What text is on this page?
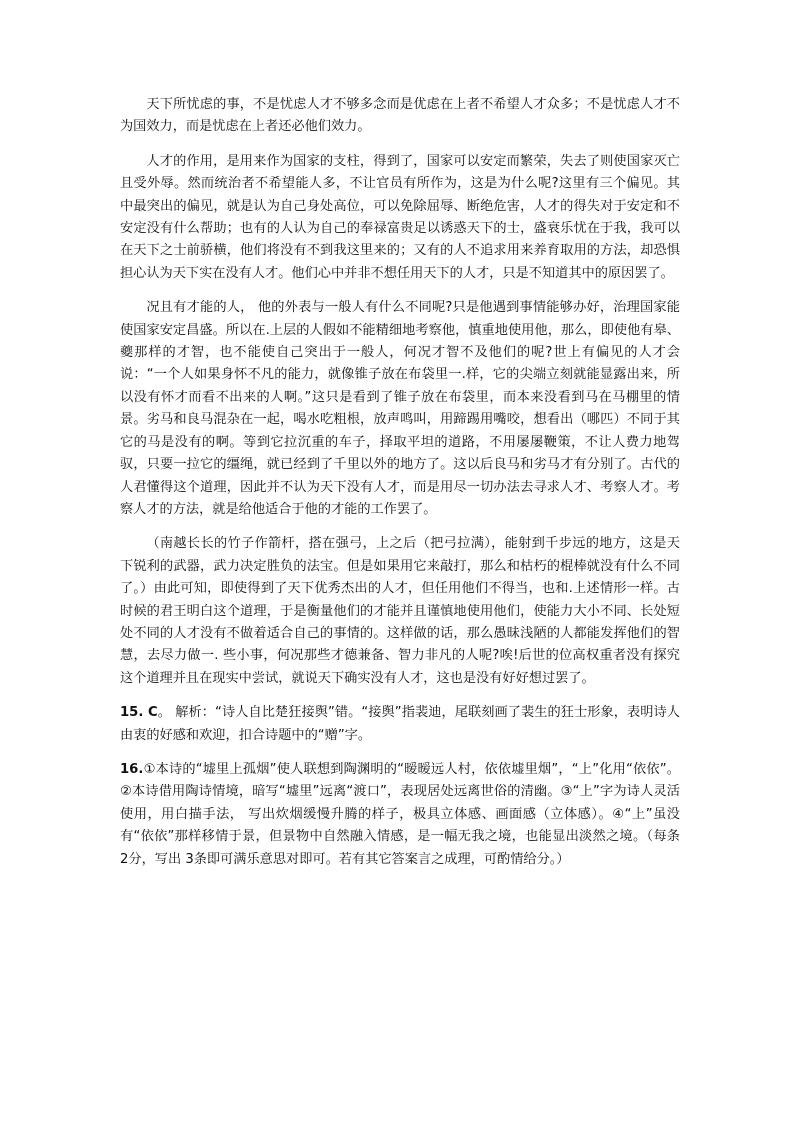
天下所忧虑的事，不是忧虑人才不够多念而是优虑在上者不希望人才众多；不是忧虑人才不为国效力，而是忧虑在上者还必他们效力。

人才的作用，是用来作为国家的支柱，得到了，国家可以安定而繁荣，失去了则使国家灭亡且受外辱。然而统治者不希望能人多，不让官员有所作为，这是为什么呢?这里有三个偏见。其中最突出的偏见，就是认为自己身处高位，可以免除屈辱、断绝危害，人才的得失对于安定和不安定没有什么帮助；也有的人认为自己的奉禄富贵足以诱惑天下的士，盛衰乐忧在于我，我可以在天下之士前骄横，他们将没有不到我这里来的；又有的人不追求用来养育取用的方法，却恐惧担心认为天下实在没有人才。他们心中并非不想任用天下的人才，只是不知道其中的原因罢了。

况且有才能的人， 他的外表与一般人有什么不同呢?只是他遇到事情能够办好，治理国家能使国家安定昌盛。所以在.上层的人假如不能精细地考察他，慎重地使用他，那么，即使他有皋、夔那样的才智，也不能使自己突出于一般人，何况才智不及他们的呢?世上有偏见的人才会说：“一个人如果身怀不凡的能力，就像锥子放在布袋里一.样，它的尖端立刻就能显露出来，所以没有怀才而看不出来的人啊。”这只是看到了锥子放在布袋里，而本来没看到马在马棚里的情景。劣马和良马混杂在一起，喝水吃粗根，放声鸣叫，用蹄踢用嘴咬，想看出（哪匹）不同于其它的马是没有的啊。等到它拉沉重的车子，择取平坦的道路，不用屡屡鞭策，不让人费力地驾驭，只要一拉它的缰绳，就已经到了千里以外的地方了。这以后良马和劣马才有分别了。古代的人君懂得这个道理，因此并不认为天下没有人才，而是用尽一切办法去寻求人才、考察人才。考察人才的方法，就是给他适合于他的才能的工作罢了。

（南越长长的竹子作箭杆，搭在强弓，上之后（把弓拉满），能射到千步远的地方，这是天下锐利的武器，武力决定胜负的法宝。但是如果用它来敲打，那么和枯朽的棍棒就没有什么不同了。）由此可知，即使得到了天下优秀杰出的人才，但任用他们不得当，也和.上述情形一样。古时候的君王明白这个道理，于是衡量他们的才能并且谨慎地使用他们，使能力大小不同、长处短处不同的人才没有不做着适合自己的事情的。这样做的话，那么愚昧浅陋的人都能发挥他们的智慧，去尽力做一. 些小事，何况那些才德兼备、智力非凡的人呢?唉!后世的位高权重者没有探究这个道理并且在现实中尝试，就说天下确实没有人才，这也是没有好好想过罢了。

15. C。 解析：“诗人自比楚狂接舆”错。“接舆”指裴迪，尾联刻画了裴生的狂士形象，表明诗人由衷的好感和欢迎，扣合诗题中的“赠”字。

16.①本诗的“墟里上孤烟”使人联想到陶渊明的“暧暧远人村，依依墟里烟”，“上”化用“依依”。②本诗借用陶诗情境，暗写“墟里”远离“渡口”，表现居处远离世俗的清幽。③“上”字为诗人灵活使用，用白描手法， 写出炊烟缓慢升腾的样子，极具立体感、画面感（立体感）。④“上”虽没有“依依”那样移情于景，但景物中自然融入情感，是一幅无我之境，也能显出淡然之境。（每条 2分，写出 3条即可满乐意思对即可。若有其它答案言之成理，可酌情给分。）
